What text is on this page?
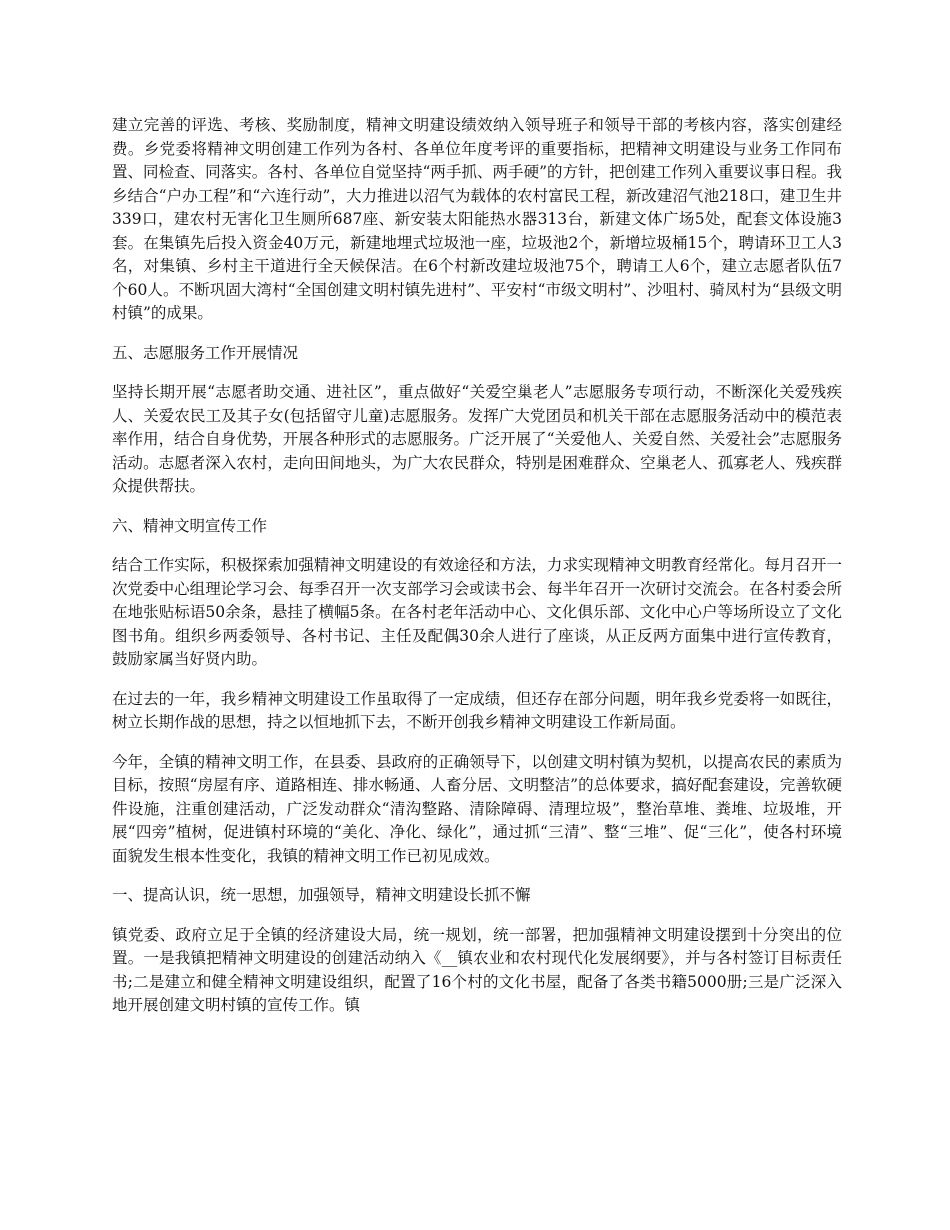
建立完善的评选、考核、奖励制度，精神文明建设绩效纳入领导班子和领导干部的考核内容，落实创建经费。乡党委将精神文明创建工作列为各村、各单位年度考评的重要指标，把精神文明建设与业务工作同布置、同检查、同落实。各村、各单位自觉坚持“两手抓、两手硬”的方针，把创建工作列入重要议事日程。我乡结合“户办工程”和“六连行动”，大力推进以沼气为载体的农村富民工程，新改建沼气池218口，建卫生井339口，建农村无害化卫生厕所687座、新安装太阳能热水器313台，新建文体广场5处，配套文体设施3套。在集镇先后投入资金40万元，新建地埋式垃圾池一座，垃圾池2个，新增垃圾桶15个，聘请环卫工人3名，对集镇、乡村主干道进行全天候保洁。在6个村新改建垃圾池75个，聘请工人6个，建立志愿者队伍7个60人。不断巩固大湾村“全国创建文明村镇先进村”、平安村“市级文明村”、沙咀村、骑凤村为“县级文明村镇”的成果。

五、志愿服务工作开展情况

坚持长期开展“志愿者助交通、进社区”，重点做好“关爱空巢老人”志愿服务专项行动，不断深化关爱残疾人、关爱农民工及其子女(包括留守儿童)志愿服务。发挥广大党团员和机关干部在志愿服务活动中的模范表率作用，结合自身优势，开展各种形式的志愿服务。广泛开展了“关爱他人、关爱自然、关爱社会”志愿服务活动。志愿者深入农村，走向田间地头，为广大农民群众，特别是困难群众、空巢老人、孤寡老人、残疾群众提供帮扶。

六、精神文明宣传工作

结合工作实际，积极探索加强精神文明建设的有效途径和方法，力求实现精神文明教育经常化。每月召开一次党委中心组理论学习会、每季召开一次支部学习会或读书会、每半年召开一次研讨交流会。在各村委会所在地张贴标语50余条，悬挂了横幅5条。在各村老年活动中心、文化俱乐部、文化中心户等场所设立了文化图书角。组织乡两委领导、各村书记、主任及配偶30余人进行了座谈，从正反两方面集中进行宣传教育，鼓励家属当好贤内助。

在过去的一年，我乡精神文明建设工作虽取得了一定成绩，但还存在部分问题，明年我乡党委将一如既往，树立长期作战的思想，持之以恒地抓下去，不断开创我乡精神文明建设工作新局面。

今年，全镇的精神文明工作，在县委、县政府的正确领导下，以创建文明村镇为契机，以提高农民的素质为目标，按照“房屋有序、道路相连、排水畅通、人畜分居、文明整洁”的总体要求，搞好配套建设，完善软硬件设施，注重创建活动，广泛发动群众“清沟整路、清除障碍、清理垃圾”，整治草堆、粪堆、垃圾堆，开展“四旁”植树，促进镇村环境的“美化、净化、绿化”，通过抓“三清”、整“三堆”、促“三化”，使各村环境面貌发生根本性变化，我镇的精神文明工作已初见成效。

一、提高认识，统一思想，加强领导，精神文明建设长抓不懈

镇党委、政府立足于全镇的经济建设大局，统一规划，统一部署，把加强精神文明建设摆到十分突出的位置。一是我镇把精神文明建设的创建活动纳入《__镇农业和农村现代化发展纲要》，并与各村签订目标责任书;二是建立和健全精神文明建设组织，配置了16个村的文化书屋，配备了各类书籍5000册;三是广泛深入地开展创建文明村镇的宣传工作。镇
